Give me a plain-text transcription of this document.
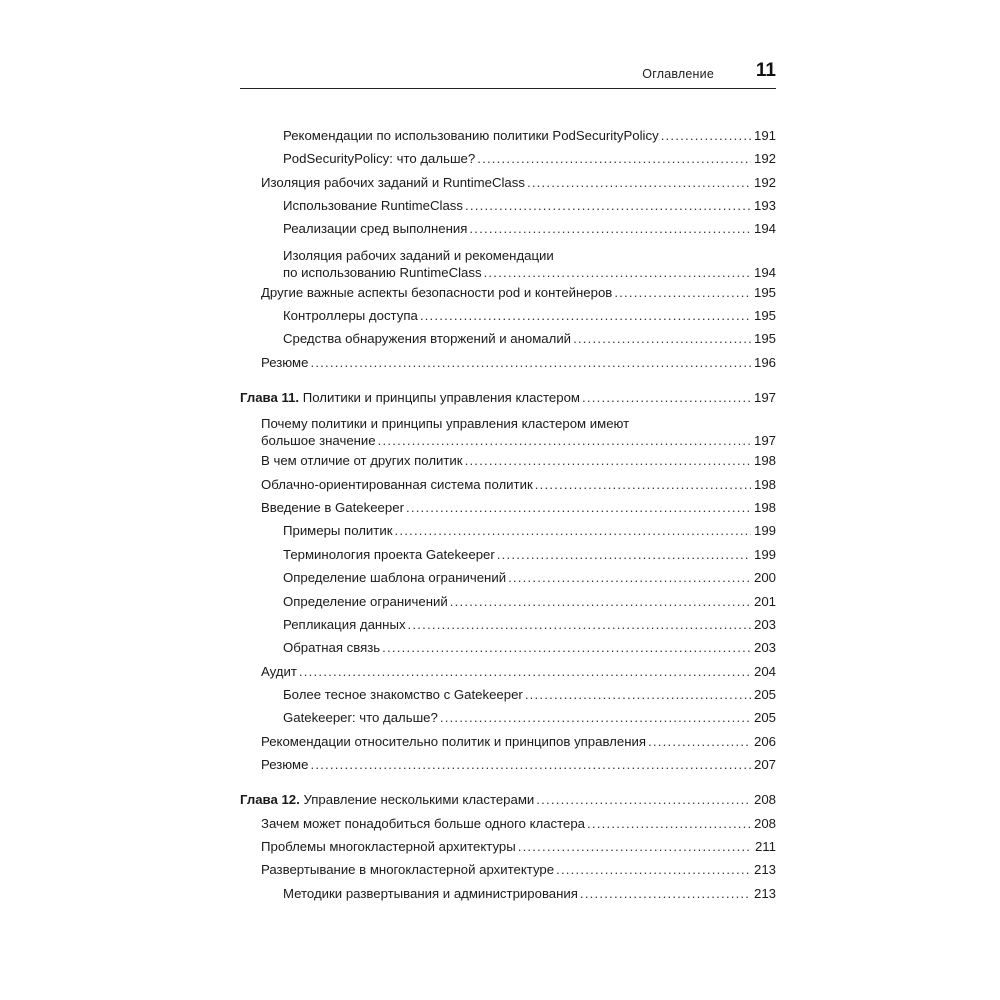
Оглавление 11
Рекомендации по использованию политики PodSecurityPolicy .....	191
PodSecurityPolicy: что дальше? .....	192
Изоляция рабочих заданий и RuntimeClass .....	192
Использование RuntimeClass .....	193
Реализации сред выполнения .....	194
Изоляция рабочих заданий и рекомендации
по использованию RuntimeClass .....	194
Другие важные аспекты безопасности pod и контейнеров .....	195
Контроллеры доступа .....	195
Средства обнаружения вторжений и аномалий .....	195
Резюме .....	196
Глава 11. Политики и принципы управления кластером .....	197
Почему политики и принципы управления кластером имеют
большое значение .....	197
В чем отличие от других политик .....	198
Облачно-ориентированная система политик .....	198
Введение в Gatekeeper .....	198
Примеры политик .....	199
Терминология проекта Gatekeeper .....	199
Определение шаблона ограничений .....	200
Определение ограничений .....	201
Репликация данных .....	203
Обратная связь .....	203
Аудит .....	204
Более тесное знакомство с Gatekeeper .....	205
Gatekeeper: что дальше? .....	205
Рекомендации относительно политик и принципов управления .....	206
Резюме .....	207
Глава 12. Управление несколькими кластерами .....	208
Зачем может понадобиться больше одного кластера .....	208
Проблемы многокластерной архитектуры .....	211
Развертывание в многокластерной архитектуре .....	213
Методики развертывания и администрирования .....	213
